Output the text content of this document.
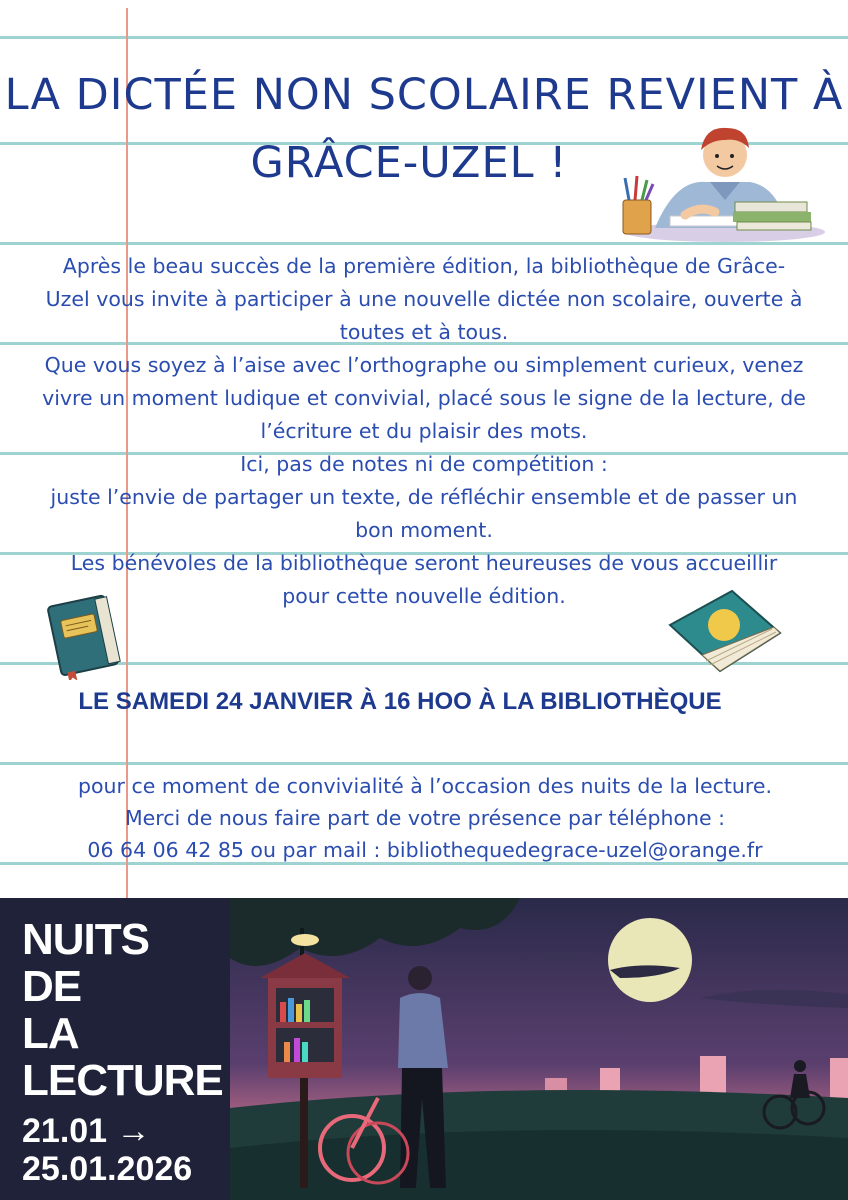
LA DICTÉE NON SCOLAIRE REVIENT À
GRÂCE-UZEL !
Après le beau succès de la première édition, la bibliothèque de Grâce-
Uzel vous invite à participer à une nouvelle dictée non scolaire, ouverte à
toutes et à tous.
Que vous soyez à l’aise avec l’orthographe ou simplement curieux, venez
vivre un moment ludique et convivial, placé sous le signe de la lecture, de
l’écriture et du plaisir des mots.
Ici, pas de notes ni de compétition :
juste l’envie de partager un texte, de réfléchir ensemble et de passer un
bon moment.
Les bénévoles de la bibliothèque seront heureuses de vous accueillir
pour cette nouvelle édition.
LE SAMEDI 24 JANVIER À 16 HOO À LA BIBLIOTHÈQUE
pour ce moment de convivialité à l’occasion des nuits de la lecture.
Merci de nous faire part de votre présence par téléphone :
06 64 06 42 85 ou par mail : bibliothequedegrace-uzel@orange.fr
NUITS
DE
LA
LECTURE
21.01 →
25.01.2026
